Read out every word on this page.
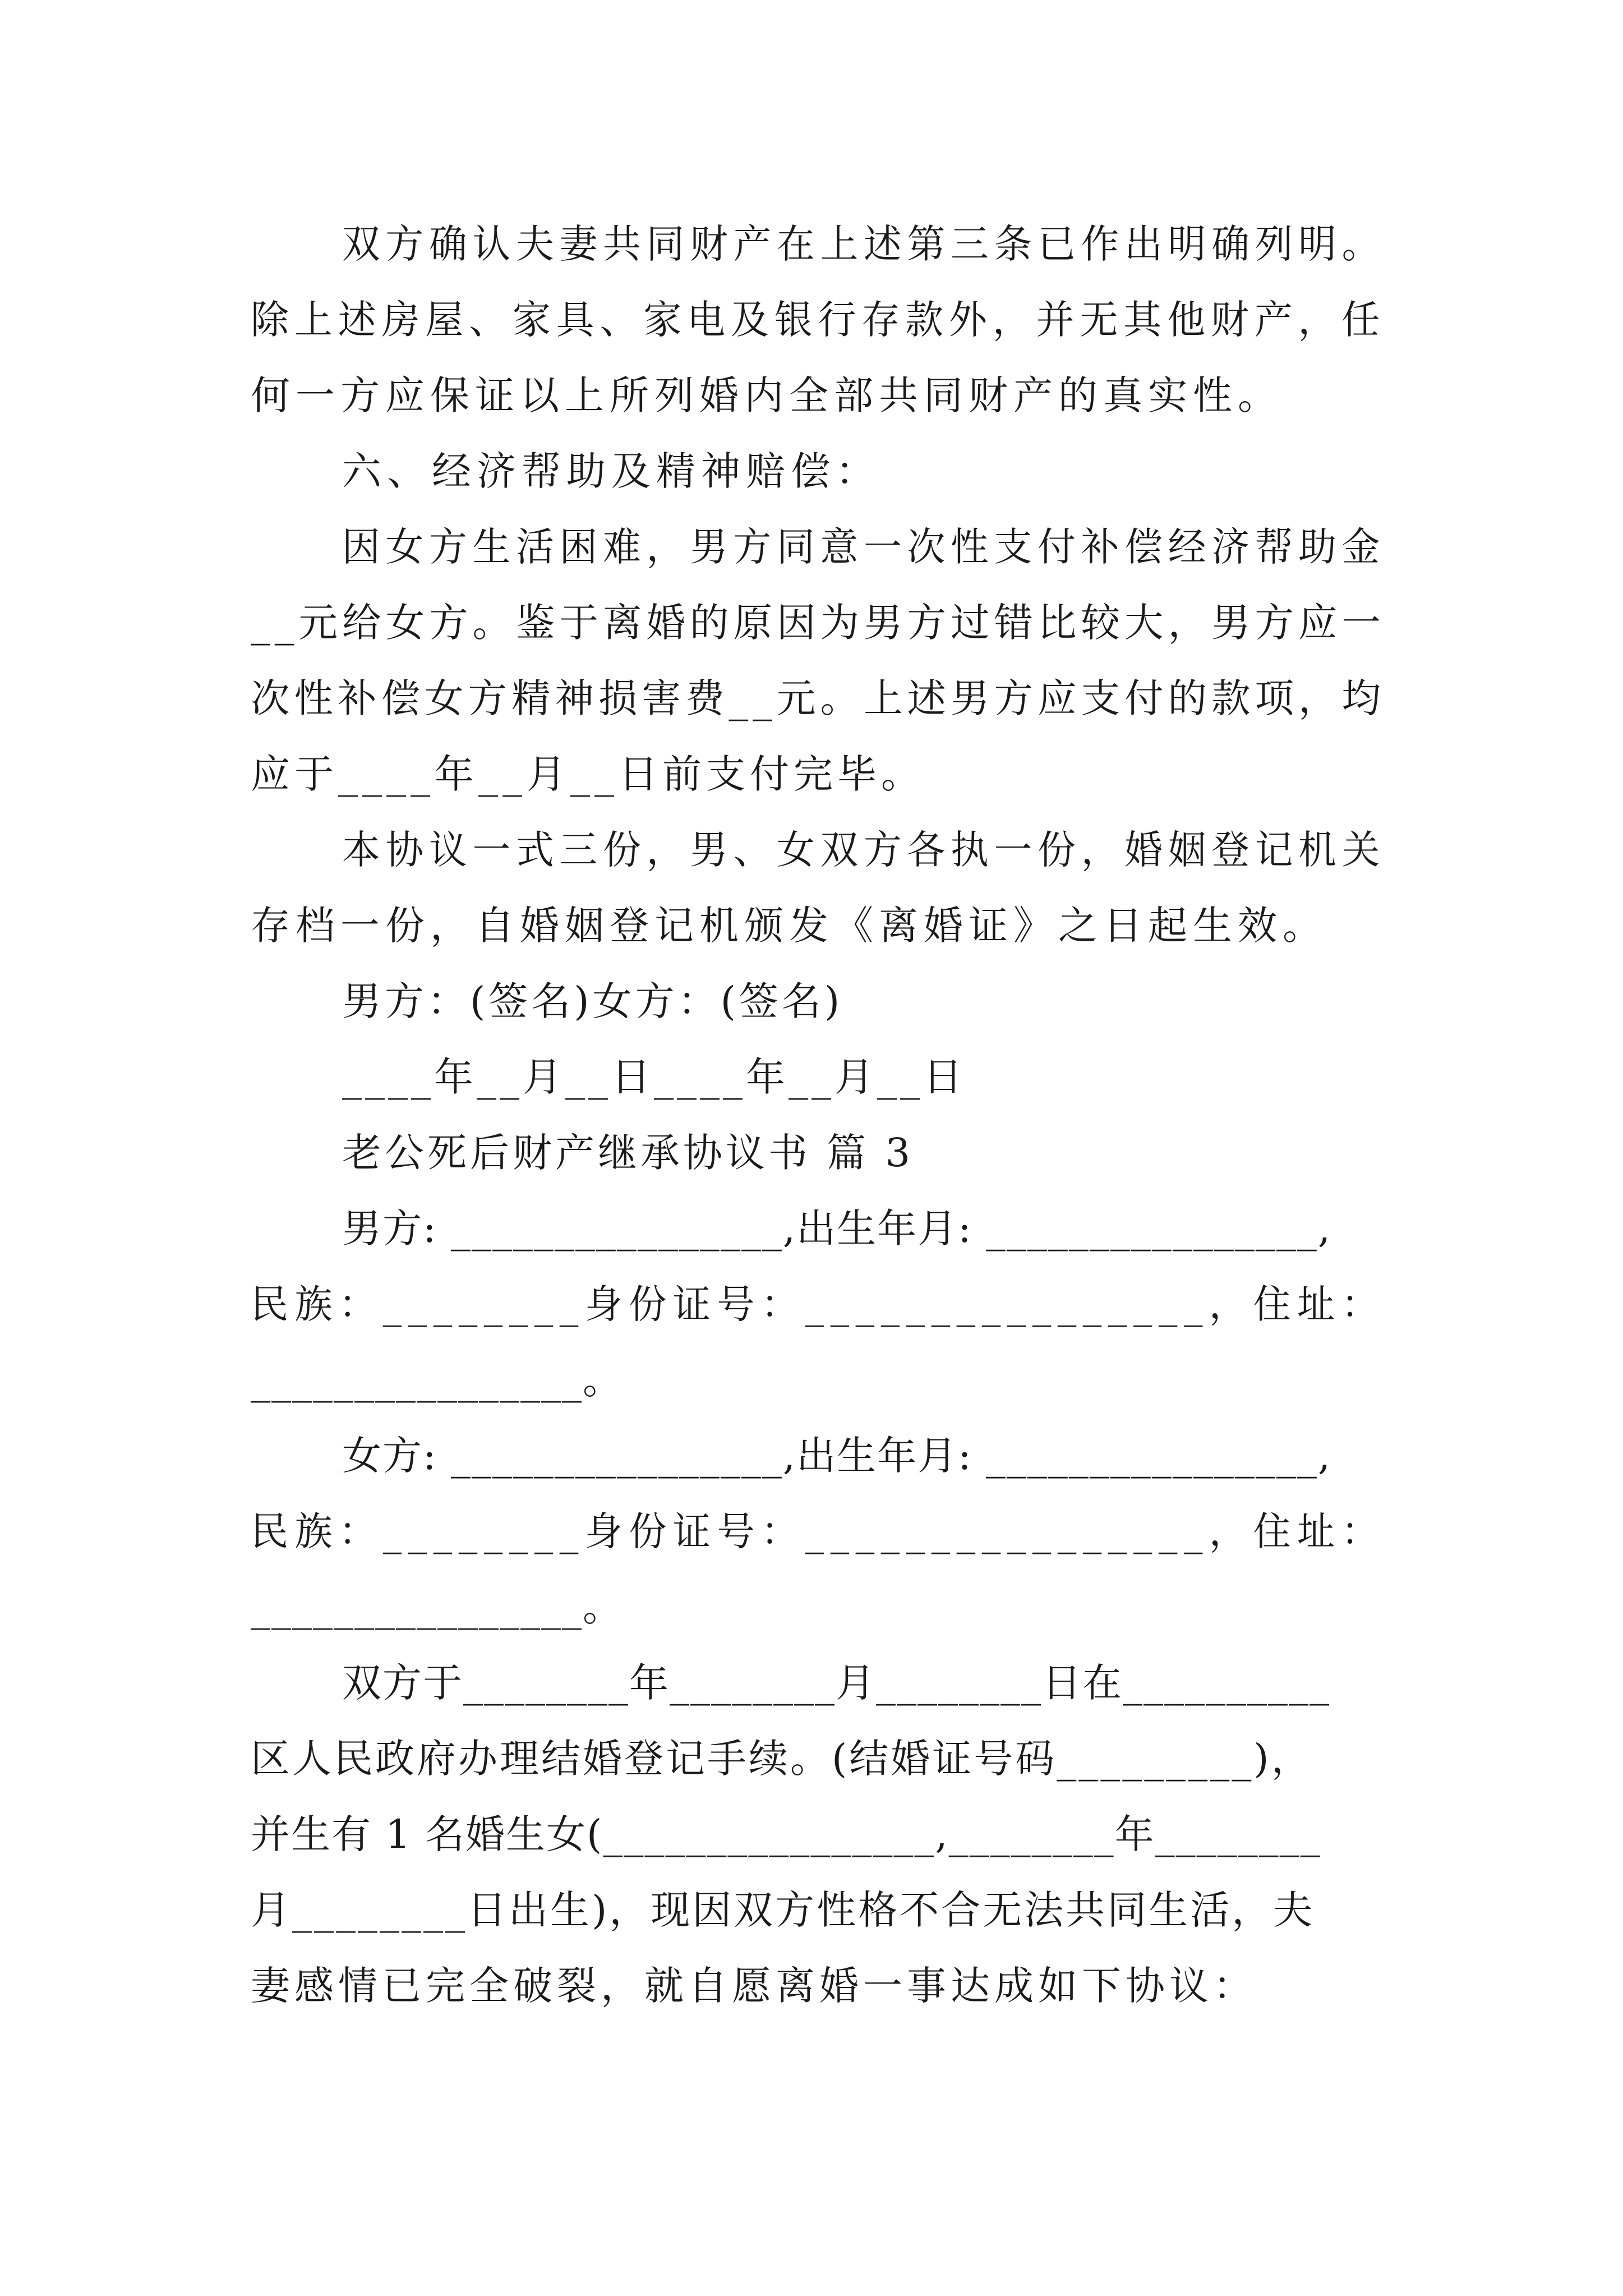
双方确认夫妻共同财产在上述第三条已作出明确列明。
除上述房屋、家具、家电及银行存款外，并无其他财产，任
何一方应保证以上所列婚内全部共同财产的真实性。
六、经济帮助及精神赔偿：
因女方生活困难，男方同意一次性支付补偿经济帮助金
__元给女方。鉴于离婚的原因为男方过错比较大，男方应一
次性补偿女方精神损害费__元。上述男方应支付的款项，均
应于____年__月__日前支付完毕。
本协议一式三份，男、女双方各执一份，婚姻登记机关
存档一份，自婚姻登记机颁发《离婚证》之日起生效。
男方：(签名)女方：(签名)
____年__月__日____年__月__日
老公死后财产继承协议书 篇 3
男方: ________________,出生年月: ________________,
民族：________身份证号：________________，住址：
________________。
女方: ________________,出生年月: ________________,
民族：________身份证号：________________，住址：
________________。
双方于________年________月________日在__________
区人民政府办理结婚登记手续。(结婚证号码_________)，
并生有 1 名婚生女(________________,________年________
月________日出生)，现因双方性格不合无法共同生活，夫
妻感情已完全破裂，就自愿离婚一事达成如下协议：
